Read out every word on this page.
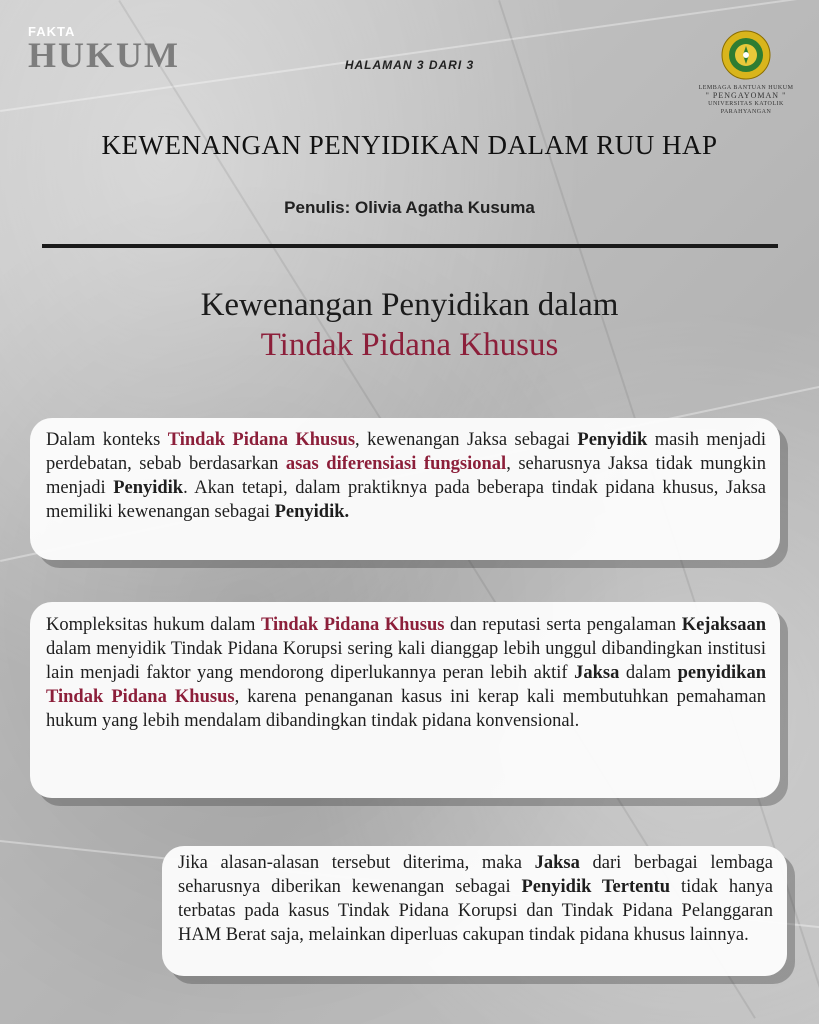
FAKTA
HUKUM	HALAMAN 3 DARI 3
LEMBAGA BANTUAN HUKUM
" PENGAYOMAN "
UNIVERSITAS KATOLIK PARAHYANGAN
KEWENANGAN PENYIDIKAN DALAM RUU HAP
Penulis: Olivia Agatha Kusuma
Kewenangan Penyidikan dalam
Tindak Pidana Khusus
Dalam konteks Tindak Pidana Khusus, kewenangan Jaksa sebagai Penyidik masih menjadi perdebatan, sebab berdasarkan asas diferensiasi fungsional, seharusnya Jaksa tidak mungkin menjadi Penyidik. Akan tetapi, dalam praktiknya pada beberapa tindak pidana khusus, Jaksa memiliki kewenangan sebagai Penyidik.
Kompleksitas hukum dalam Tindak Pidana Khusus dan reputasi serta pengalaman Kejaksaan dalam menyidik Tindak Pidana Korupsi sering kali dianggap lebih unggul dibandingkan institusi lain menjadi faktor yang mendorong diperlukannya peran lebih aktif Jaksa dalam penyidikan Tindak Pidana Khusus, karena penanganan kasus ini kerap kali membutuhkan pemahaman hukum yang lebih mendalam dibandingkan tindak pidana konvensional.
Jika alasan-alasan tersebut diterima, maka Jaksa dari berbagai lembaga seharusnya diberikan kewenangan sebagai Penyidik Tertentu tidak hanya terbatas pada kasus Tindak Pidana Korupsi dan Tindak Pidana Pelanggaran HAM Berat saja, melainkan diperluas cakupan tindak pidana khusus lainnya.
